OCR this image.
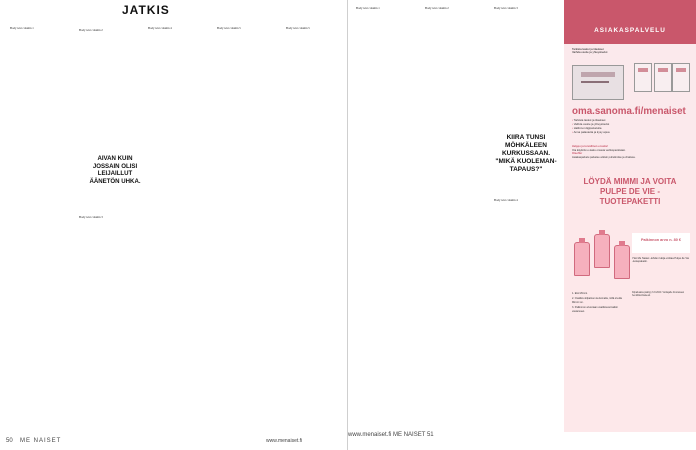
JATKIS

Body text column 1	Body text column 2

AIVAN KUIN JOSSAIN OLISI LEIJAILLUT ÄÄNETÖN UHKA.

Body text column 3

Body text column 4	Body text column 5	Body text column 5

50 ME NAISET	www.menaiset.fi

Body text column 1	Body text column 2	Body text column 3

KIIRA TUNSI MÖHKÄLEEN KURKUSSAAN. "MIKÄ KUOLEMAN-TAPAUS?"

Body text column 4

ASIAKASPALVELU
Oma Sanoma
Tarkista laskut ja tilaukset
Vaihda osoite ja yhteystiedot
oma.sanoma.fi/menaiset
• Tarkista laskut ja tilaukset
• Vaihda osoite ja yhteystiedot
• Hallinnoi digipalveluita
• Anna palautetta ja kysy apua
Helppo ja turvallinen e-lasku!
Ota käyttöön e-lasku omasta verkkopankistasi.
Otaoffer
Asiakaspalvelu palvelee arkisin puhelimitse ja chatissa.
LÖYDÄ MIMMI JA VOITA PULPE DE VIE -TUOTEPAKETTI
Palkinnon arvo n. 80 €
Yksi Me Naiset -lehden lukija voittaa Pulpe de Vie -tuotepaketin.
1. Etsi Mimmi.
2. Osallistu kilpailuun kertomalla, millä sivulla Mimmi on.
3. Palkinnon arvontaan osallistuvat kaikki vastanneet.
Kilpailuaika päättyy 6.8.2020. Voittajalle ilmoitetaan henkilökohtaisesti.
www.menaiset.fi ME NAISET 51
